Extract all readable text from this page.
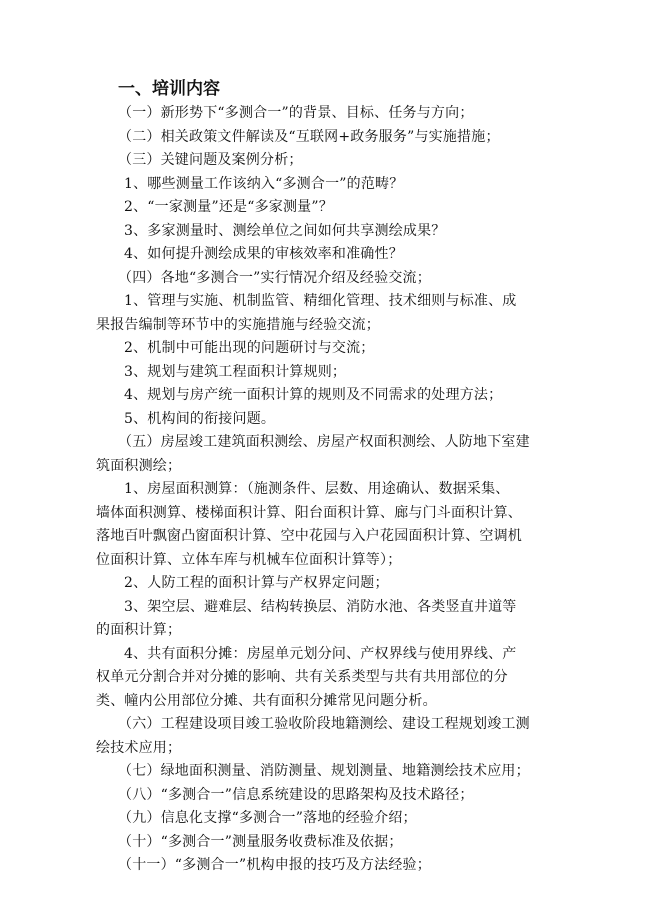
一、培训内容

（一）新形势下“多测合一”的背景、目标、任务与方向；

（二）相关政策文件解读及“互联网+政务服务”与实施措施；

（三）关键问题及案例分析；

1、哪些测量工作该纳入“多测合一”的范畴？

2、“一家测量”还是“多家测量”？

3、多家测量时、测绘单位之间如何共享测绘成果？

4、如何提升测绘成果的审核效率和准确性？

（四）各地“多测合一”实行情况介绍及经验交流；

1、管理与实施、机制监管、精细化管理、技术细则与标准、成

果报告编制等环节中的实施措施与经验交流；

2、机制中可能出现的问题研讨与交流；

3、规划与建筑工程面积计算规则；

4、规划与房产统一面积计算的规则及不同需求的处理方法；

5、机构间的衔接问题。

（五）房屋竣工建筑面积测绘、房屋产权面积测绘、人防地下室建

筑面积测绘；

1、房屋面积测算：（施测条件、层数、用途确认、数据采集、

墙体面积测算、楼梯面积计算、阳台面积计算、廊与门斗面积计算、

落地百叶飘窗凸窗面积计算、空中花园与入户花园面积计算、空调机

位面积计算、立体车库与机械车位面积计算等）；

2、人防工程的面积计算与产权界定问题；

3、架空层、避难层、结构转换层、消防水池、各类竖直井道等

的面积计算；

4、共有面积分摊：房屋单元划分问、产权界线与使用界线、产

权单元分割合并对分摊的影响、共有关系类型与共有共用部位的分

类、幢内公用部位分摊、共有面积分摊常见问题分析。

（六）工程建设项目竣工验收阶段地籍测绘、建设工程规划竣工测

绘技术应用；

（七）绿地面积测量、消防测量、规划测量、地籍测绘技术应用；

（八）“多测合一”信息系统建设的思路架构及技术路径；

（九）信息化支撑“多测合一”落地的经验介绍；

（十）“多测合一”测量服务收费标准及依据；

（十一）“多测合一”机构申报的技巧及方法经验；
